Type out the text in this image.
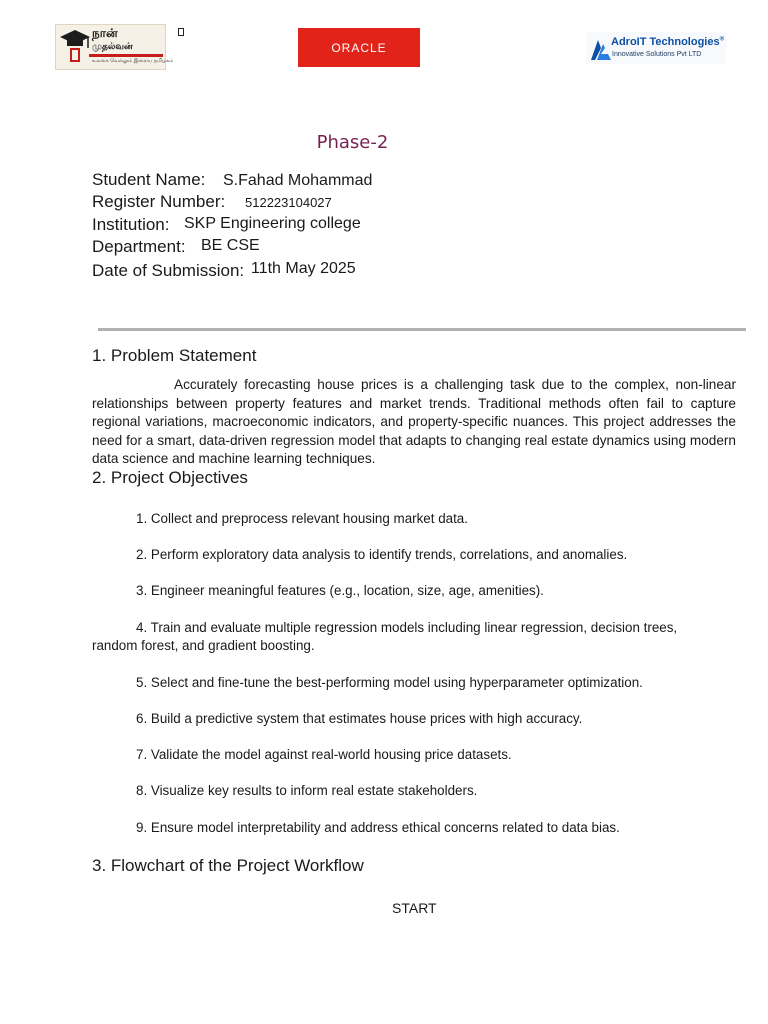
நான்
முதல்வன்
உலகை வெல்லும் இளைய தமிழகம்
ORACLE	AdroIT Technologies®
Innovative Solutions Pvt LTD
Phase-2
Student Name: S.Fahad Mohammad
Register Number: 512223104027
Institution: SKP Engineering college
Department: BE CSE
Date of Submission: 11th May 2025
1. Problem Statement
Accurately forecasting house prices is a challenging task due to the complex, non-linear relationships between property features and market trends. Traditional methods often fail to capture regional variations, macroeconomic indicators, and property-specific nuances. This project addresses the need for a smart, data-driven regression model that adapts to changing real estate dynamics using modern data science and machine learning techniques.
2. Project Objectives
1. Collect and preprocess relevant housing market data.
2. Perform exploratory data analysis to identify trends, correlations, and anomalies.
3. Engineer meaningful features (e.g., location, size, age, amenities).
4. Train and evaluate multiple regression models including linear regression, decision trees, random forest, and gradient boosting.
5. Select and fine-tune the best-performing model using hyperparameter optimization.
6. Build a predictive system that estimates house prices with high accuracy.
7. Validate the model against real-world housing price datasets.
8. Visualize key results to inform real estate stakeholders.
9. Ensure model interpretability and address ethical concerns related to data bias.
3. Flowchart of the Project Workflow
START
